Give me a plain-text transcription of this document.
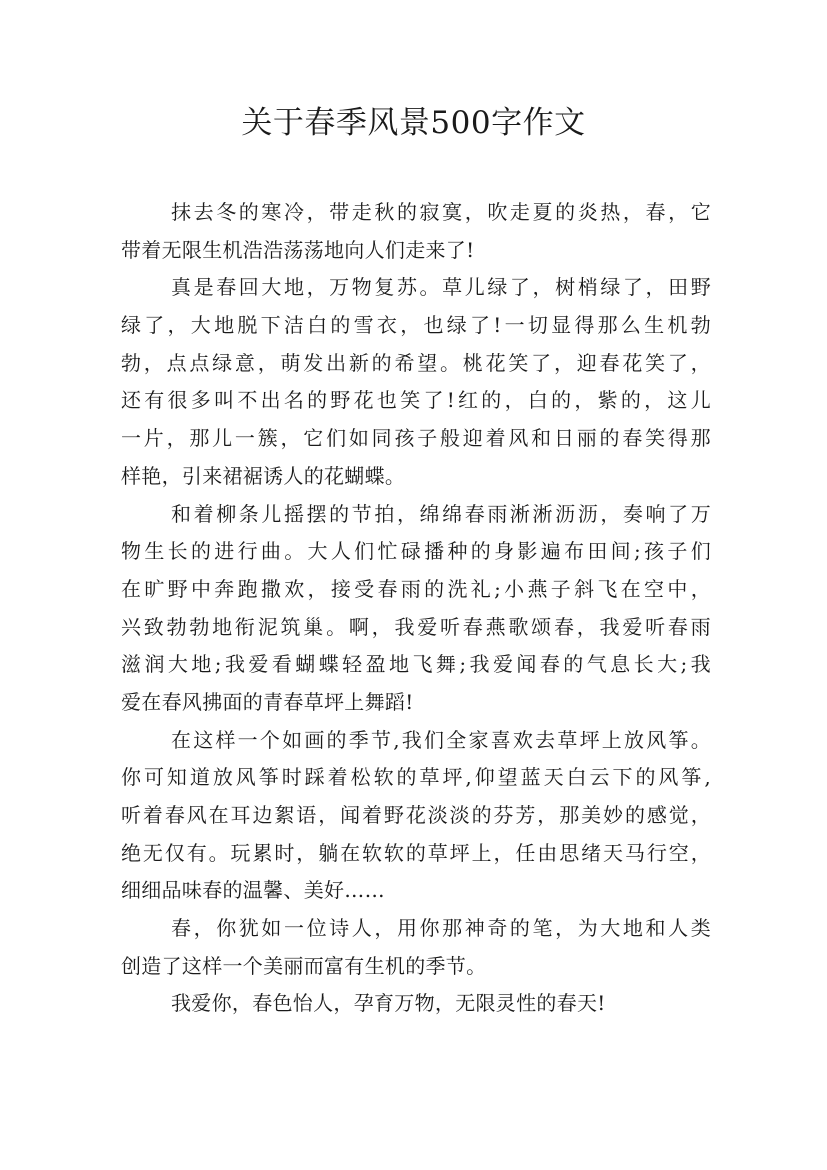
关于春季风景500字作文
抹去冬的寒冷，带走秋的寂寞，吹走夏的炎热，春，它
带着无限生机浩浩荡荡地向人们走来了!
真是春回大地，万物复苏。草儿绿了，树梢绿了，田野
绿了，大地脱下洁白的雪衣，也绿了!一切显得那么生机勃
勃，点点绿意，萌发出新的希望。桃花笑了，迎春花笑了，
还有很多叫不出名的野花也笑了!红的，白的，紫的，这儿
一片，那儿一簇，它们如同孩子般迎着风和日丽的春笑得那
样艳，引来裙裾诱人的花蝴蝶。
和着柳条儿摇摆的节拍，绵绵春雨淅淅沥沥，奏响了万
物生长的进行曲。大人们忙碌播种的身影遍布田间;孩子们
在旷野中奔跑撒欢，接受春雨的洗礼;小燕子斜飞在空中，
兴致勃勃地衔泥筑巢。啊，我爱听春燕歌颂春，我爱听春雨
滋润大地;我爱看蝴蝶轻盈地飞舞;我爱闻春的气息长大;我
爱在春风拂面的青春草坪上舞蹈!
在这样一个如画的季节,我们全家喜欢去草坪上放风筝。
你可知道放风筝时踩着松软的草坪,仰望蓝天白云下的风筝,
听着春风在耳边絮语，闻着野花淡淡的芬芳，那美妙的感觉，
绝无仅有。玩累时，躺在软软的草坪上，任由思绪天马行空，
细细品味春的温馨、美好……
春，你犹如一位诗人，用你那神奇的笔，为大地和人类
创造了这样一个美丽而富有生机的季节。
我爱你，春色怡人，孕育万物，无限灵性的春天!
